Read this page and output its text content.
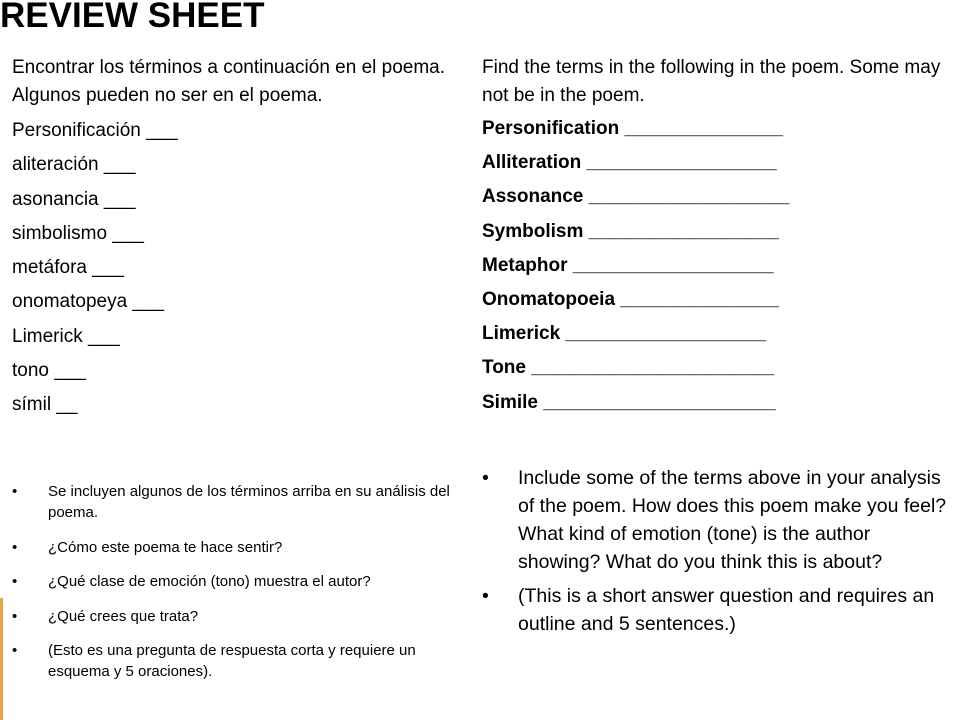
REVIEW SHEET

Encontrar los términos a continuación en el poema. Algunos pueden no ser en el poema.

Personificación ___
aliteración ___
asonancia ___
simbolismo ___
metáfora ___
onomatopeya ___
Limerick ___
tono ___
símil __

Find the terms in the following in the poem. Some may not be in the poem.

Personification _______________
Alliteration __________________
Assonance ___________________
Symbolism __________________
Metaphor ___________________
Onomatopoeia _______________
Limerick ___________________
Tone _______________________
Simile ______________________
• Se incluyen algunos de los términos arriba en su análisis del poema.
• ¿Cómo este poema te hace sentir?
• ¿Qué clase de emoción (tono) muestra el autor?
• ¿Qué crees que trata?
• (Esto es una pregunta de respuesta corta y requiere un esquema y 5 oraciones).
• Include some of the terms above in your analysis of the poem. How does this poem make you feel? What kind of emotion (tone) is the author showing? What do you think this is about?
• (This is a short answer question and requires an outline and 5 sentences.)
